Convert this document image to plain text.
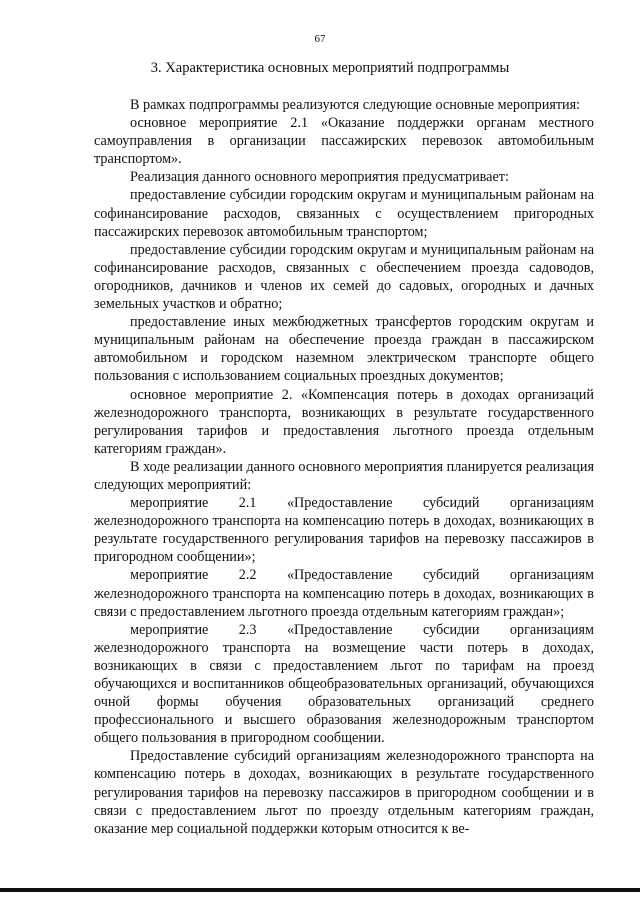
67
3. Характеристика основных мероприятий подпрограммы

В рамках подпрограммы реализуются следующие основные мероприятия:

основное мероприятие 2.1 «Оказание поддержки органам местного самоуправления в организации пассажирских перевозок автомобильным транспортом».

Реализация данного основного мероприятия предусматривает:

предоставление субсидии городским округам и муниципальным районам на софинансирование расходов, связанных с осуществлением пригородных пассажирских перевозок автомобильным транспортом;

предоставление субсидии городским округам и муниципальным районам на софинансирование расходов, связанных с обеспечением проезда садоводов, огородников, дачников и членов их семей до садовых, огородных и дачных земельных участков и обратно;

предоставление иных межбюджетных трансфертов городским округам и муниципальным районам на обеспечение проезда граждан в пассажирском автомобильном и городском наземном электрическом транспорте общего пользования с использованием социальных проездных документов;

основное мероприятие 2. «Компенсация потерь в доходах организаций железнодорожного транспорта, возникающих в результате государственного регулирования тарифов и предоставления льготного проезда отдельным категориям граждан».

В ходе реализации данного основного мероприятия планируется реализация следующих мероприятий:

мероприятие 2.1 «Предоставление субсидий организациям железнодорожного транспорта на компенсацию потерь в доходах, возникающих в результате государственного регулирования тарифов на перевозку пассажиров в пригородном сообщении»;

мероприятие 2.2 «Предоставление субсидий организациям железнодорожного транспорта на компенсацию потерь в доходах, возникающих в связи с предоставлением льготного проезда отдельным категориям граждан»;

мероприятие 2.3 «Предоставление субсидии организациям железнодорожного транспорта на возмещение части потерь в доходах, возникающих в связи с предоставлением льгот по тарифам на проезд обучающихся и воспитанников общеобразовательных организаций, обучающихся очной формы обучения образовательных организаций среднего профессионального и высшего образования железнодорожным транспортом общего пользования в пригородном сообщении.

Предоставление субсидий организациям железнодорожного транспорта на компенсацию потерь в доходах, возникающих в результате государственного регулирования тарифов на перевозку пассажиров в пригородном сообщении и в связи с предоставлением льгот по проезду отдельным категориям граждан, оказание мер социальной поддержки которым относится к ве-
